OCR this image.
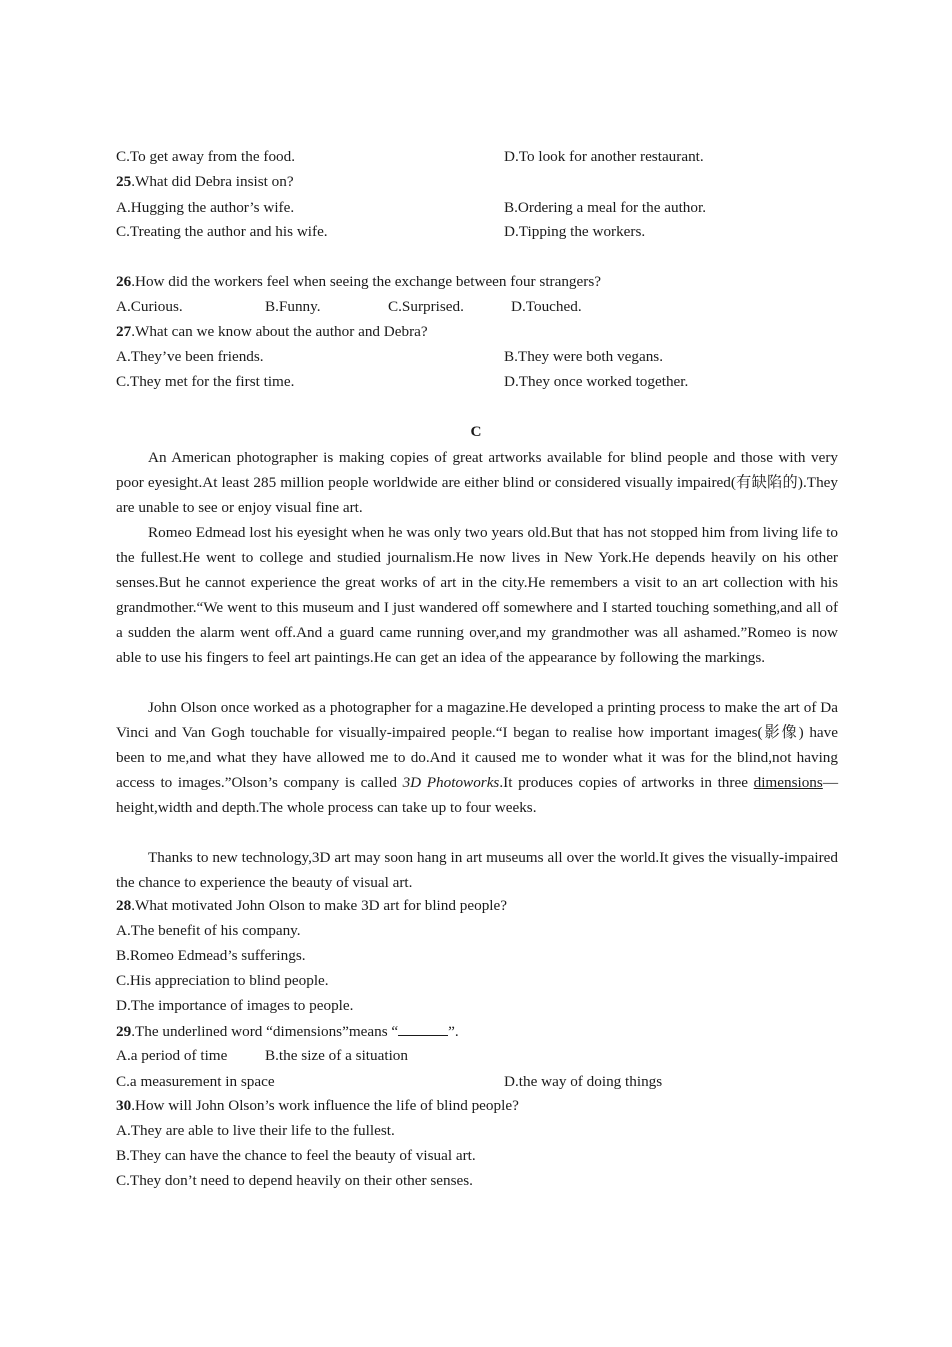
C.To get away from the food.	D.To look for another restaurant.
25.What did Debra insist on?
A.Hugging the author’s wife.	B.Ordering a meal for the author.
C.Treating the author and his wife.	D.Tipping the workers.
26.How did the workers feel when seeing the exchange between four strangers?
A.Curious.	B.Funny.	C.Surprised.	D.Touched.
27.What can we know about the author and Debra?
A.They’ve been friends.	B.They were both vegans.
C.They met for the first time.	D.They once worked together.
C

An American photographer is making copies of great artworks available for blind people and those with very poor eyesight.At least 285 million people worldwide are either blind or considered visually impaired(有缺陷的).They are unable to see or enjoy visual fine art.

Romeo Edmead lost his eyesight when he was only two years old.But that has not stopped him from living life to the fullest.He went to college and studied journalism.He now lives in New York.He depends heavily on his other senses.But he cannot experience the great works of art in the city.He remembers a visit to an art collection with his grandmother.“We went to this museum and I just wandered off somewhere and I started touching something,and all of a sudden the alarm went off.And a guard came running over,and my grandmother was all ashamed.”Romeo is now able to use his fingers to feel art paintings.He can get an idea of the appearance by following the markings.

John Olson once worked as a photographer for a magazine.He developed a printing process to make the art of Da Vinci and Van Gogh touchable for visually-impaired people.“I began to realise how important images(影像) have been to me,and what they have allowed me to do.And it caused me to wonder what it was for the blind,not having access to images.”Olson’s company is called 3D Photoworks.It produces copies of artworks in three dimensions—height,width and depth.The whole process can take up to four weeks.

Thanks to new technology,3D art may soon hang in art museums all over the world.It gives the visually-impaired the chance to experience the beauty of visual art.

28.What motivated John Olson to make 3D art for blind people?
A.The benefit of his company.
B.Romeo Edmead’s sufferings.
C.His appreciation to blind people.
D.The importance of images to people.
29.The underlined word “dimensions”means “	”.
A.a period of time B.the size of a situation
C.a measurement in space	D.the way of doing things
30.How will John Olson’s work influence the life of blind people?
A.They are able to live their life to the fullest.
B.They can have the chance to feel the beauty of visual art.
C.They don’t need to depend heavily on their other senses.
